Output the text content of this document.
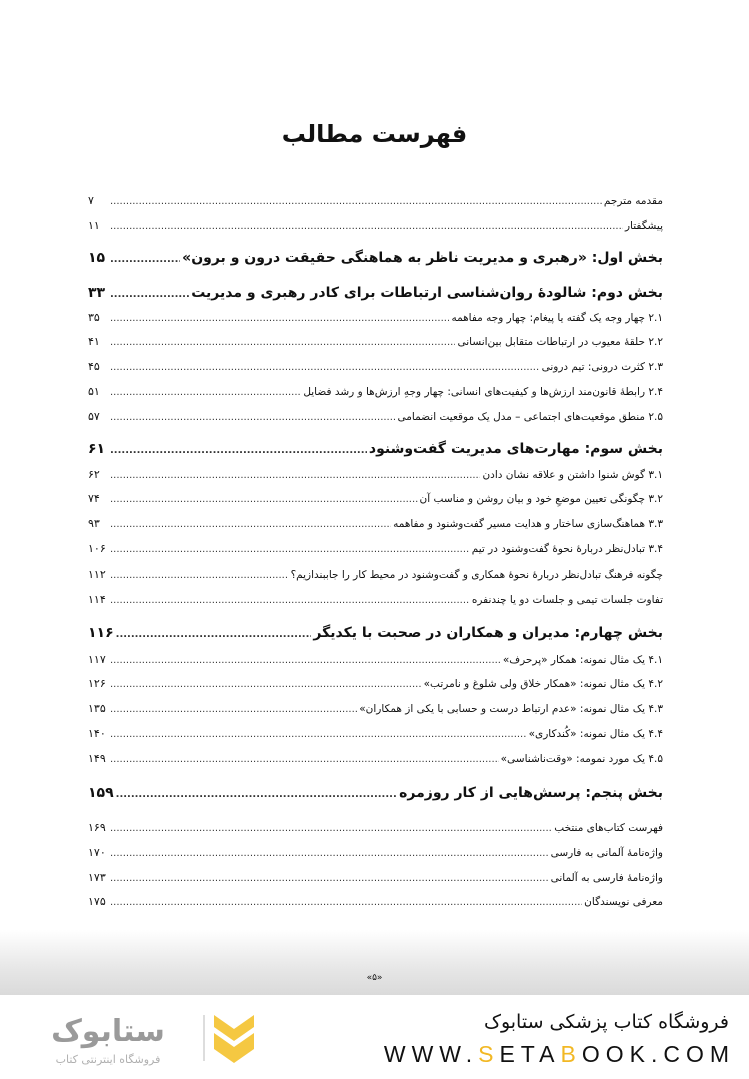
فهرست مطالب
مقدمه مترجم
.....
۷
پیشگفتار
.....
۱۱
بخش اول: «رهبری و مدیریت ناظر به هماهنگی حقیقت درون و برون»
.....
۱۵
بخش دوم: شالودهٔ روان‌شناسی ارتباطات برای کادر رهبری و مدیریت
.....
۳۳
۲.۱ چهار وجه یک گفته یا پیغام: چهار وجه مفاهمه
.....
۳۵
۲.۲ حلقهٔ معیوب در ارتباطات متقابل بین‌انسانی
.....
۴۱
۲.۳ کثرت درونی: تیم درونی
.....
۴۵
۲.۴ رابطهٔ قانون‌مند ارزش‌ها و کیفیت‌های انسانی: چهار وجهِ ارزش‌ها و رشد فضایل
.....
۵۱
۲.۵ منطق موقعیت‌های اجتماعی – مدل یک موقعیت انضمامی
.....
۵۷
بخش سوم: مهارت‌های مدیریت گفت‌وشنود
.....
۶۱
۳.۱ گوش شنوا داشتن و علاقه نشان دادن
.....
۶۲
۳.۲ چگونگی تعیین موضعِ خود و بیان روشن و مناسب آن
.....
۷۴
۳.۳ هماهنگ‌سازی ساختار و هدایت مسیر گفت‌وشنود و مفاهمه
.....
۹۳
۳.۴ تبادل‌نظر دربارهٔ نحوهٔ گفت‌وشنود در تیم
.....
۱۰۶
چگونه فرهنگ تبادل‌نظر دربارهٔ نحوهٔ همکاری و گفت‌وشنود در محیط کار را جاببندازیم؟
.....
۱۱۲
تفاوت جلسات تیمی و جلسات دو یا چندنفره
.....
۱۱۴
بخش چهارم: مدیران و همکاران در صحبت با یکدیگر
.....
۱۱۶
۴.۱ یک مثال نمونه: همکار «پرحرف»
.....
۱۱۷
۴.۲ یک مثال نمونه: «همکار خلاق ولی شلوغ و نامرتب»
.....
۱۲۶
۴.۳ یک مثال نمونه: «عدم ارتباط درست و حسابی با یکی از همکاران»
.....
۱۳۵
۴.۴ یک مثال نمونه: «کُندکاری»
.....
۱۴۰
۴.۵ یک مورد نمومه: «وقت‌ناشناسی»
.....
۱۴۹
بخش پنجم: پرسش‌هایی از کار روزمره
.....
۱۵۹
فهرست کتاب‌های منتخب
.....
۱۶۹
واژه‌نامهٔ آلمانی به فارسی
.....
۱۷۰
واژه‌نامهٔ فارسی به آلمانی
.....
۱۷۳
معرفی نویسندگان
.....
۱۷۵
«۵»
ستابوک
فروشگاه اینترنتی کتاب
فروشگاه کتاب پزشکی ستابوک
WWW.SETABOOK.COM
